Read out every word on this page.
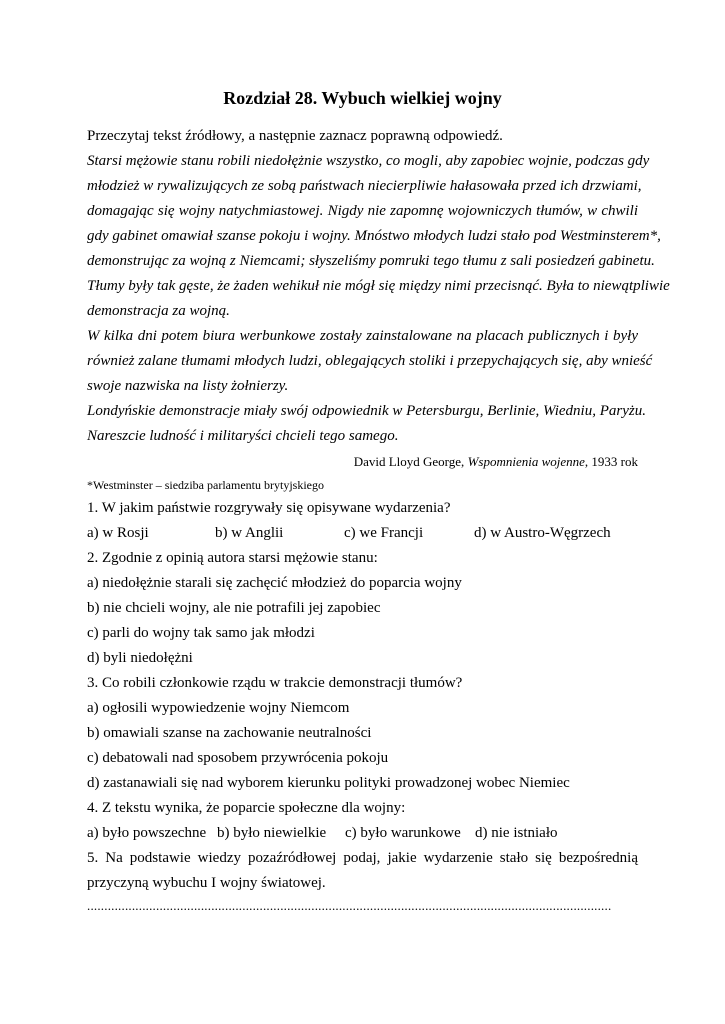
Rozdział 28. Wybuch wielkiej wojny
Przeczytaj tekst źródłowy, a następnie zaznacz poprawną odpowiedź.
Starsi mężowie stanu robili niedołężnie wszystko, co mogli, aby zapobiec wojnie, podczas gdy
młodzież w rywalizujących ze sobą państwach niecierpliwie hałasowała przed ich drzwiami,
domagając się wojny natychmiastowej. Nigdy nie zapomnę wojowniczych tłumów, w chwili
gdy gabinet omawiał szanse pokoju i wojny. Mnóstwo młodych ludzi stało pod Westminsterem*,
demonstrując za wojną z Niemcami; słyszeliśmy pomruki tego tłumu z sali posiedzeń gabinetu.
Tłumy były tak gęste, że żaden wehikuł nie mógł się między nimi przecisnąć. Była to niewątpliwie
demonstracja za wojną.
W kilka dni potem biura werbunkowe zostały zainstalowane na placach publicznych i były
również zalane tłumami młodych ludzi, oblegających stoliki i przepychających się, aby wnieść
swoje nazwiska na listy żołnierzy.
Londyńskie demonstracje miały swój odpowiednik w Petersburgu, Berlinie, Wiedniu, Paryżu.
Nareszcie ludność i militaryści chcieli tego samego.
David Lloyd George, Wspomnienia wojenne, 1933 rok
*Westminster – siedziba parlamentu brytyjskiego
1. W jakim państwie rozgrywały się opisywane wydarzenia?
a) w Rosji	b) w Anglii	c) we Francji	d) w Austro-Węgrzech
2. Zgodnie z opinią autora starsi mężowie stanu:
a) niedołężnie starali się zachęcić młodzież do poparcia wojny
b) nie chcieli wojny, ale nie potrafili jej zapobiec
c) parli do wojny tak samo jak młodzi
d) byli niedołężni
3. Co robili członkowie rządu w trakcie demonstracji tłumów?
a) ogłosili wypowiedzenie wojny Niemcom
b) omawiali szanse na zachowanie neutralności
c) debatowali nad sposobem przywrócenia pokoju
d) zastanawiali się nad wyborem kierunku polityki prowadzonej wobec Niemiec
4. Z tekstu wynika, że poparcie społeczne dla wojny:
a) było powszechne b) było niewielkie	c) było warunkowe d) nie istniało
5. Na podstawie wiedzy pozaźródłowej podaj, jakie wydarzenie stało się bezpośrednią
przyczyną wybuchu I wojny światowej.
........................................................................................................................................................
